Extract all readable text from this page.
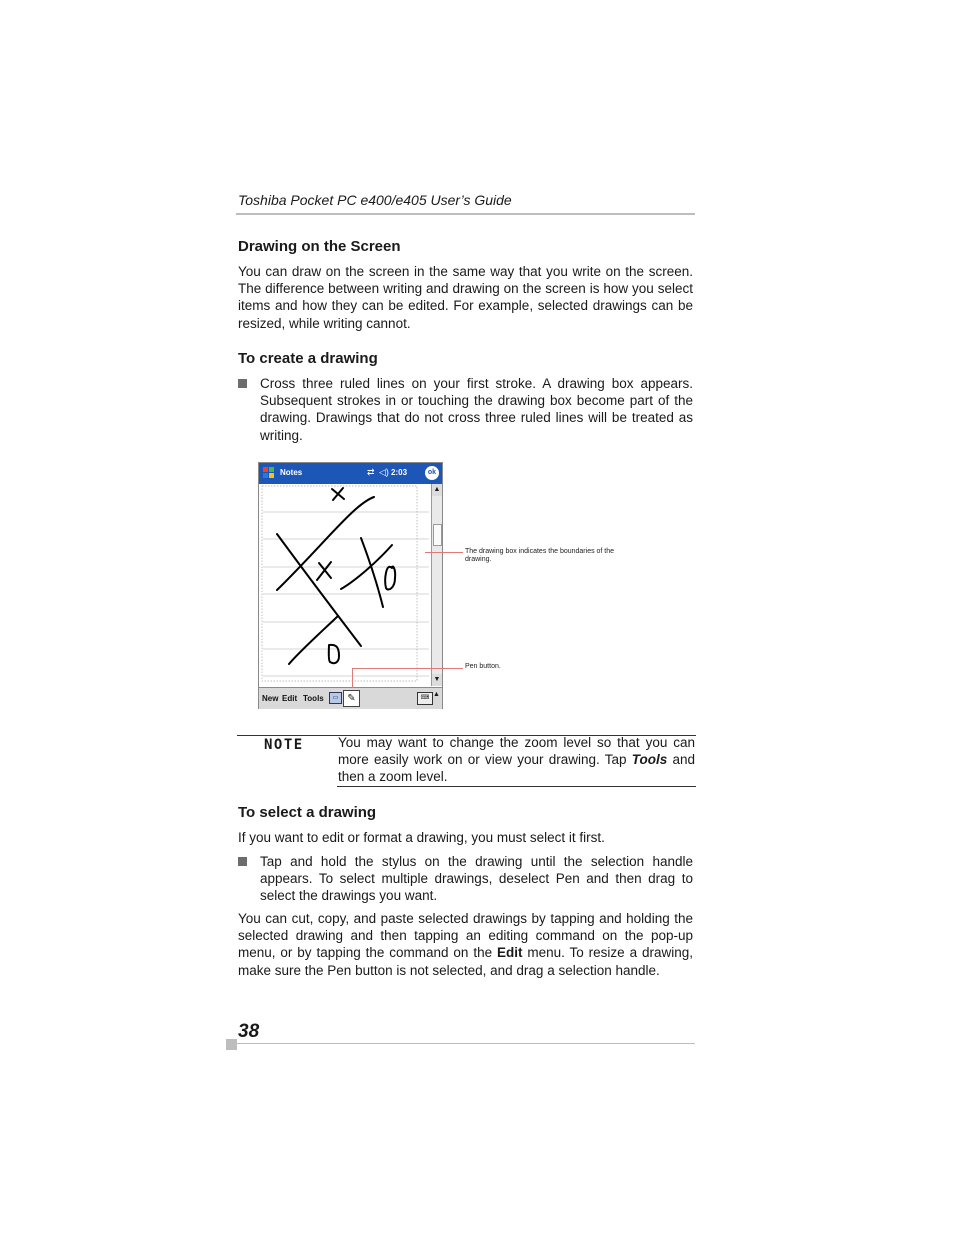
Toshiba Pocket PC e400/e405 User’s Guide
Drawing on the Screen
You can draw on the screen in the same way that you write on the screen. The difference between writing and drawing on the screen is how you select items and how they can be edited. For example, selected drawings can be resized, while writing cannot.
To create a drawing
Cross three ruled lines on your first stroke. A drawing box appears. Subsequent strokes in or touching the drawing box become part of the drawing. Drawings that do not cross three ruled lines will be treated as writing.
Notes	⇄ ◁) 2:03	ok
▲
▼
New Edit Tools	▭ ✎	⌨ ▲
The drawing box indicates the boundaries of the drawing.
Pen button.
NOTE	You may want to change the zoom level so that you can more easily work on or view your drawing. Tap Tools and then a zoom level.
To select a drawing
If you want to edit or format a drawing, you must select it first.
Tap and hold the stylus on the drawing until the selection handle appears. To select multiple drawings, deselect Pen and then drag to select the drawings you want.
You can cut, copy, and paste selected drawings by tapping and holding the selected drawing and then tapping an editing command on the pop-up menu, or by tapping the command on the Edit menu. To resize a drawing, make sure the Pen button is not selected, and drag a selection handle.
38
